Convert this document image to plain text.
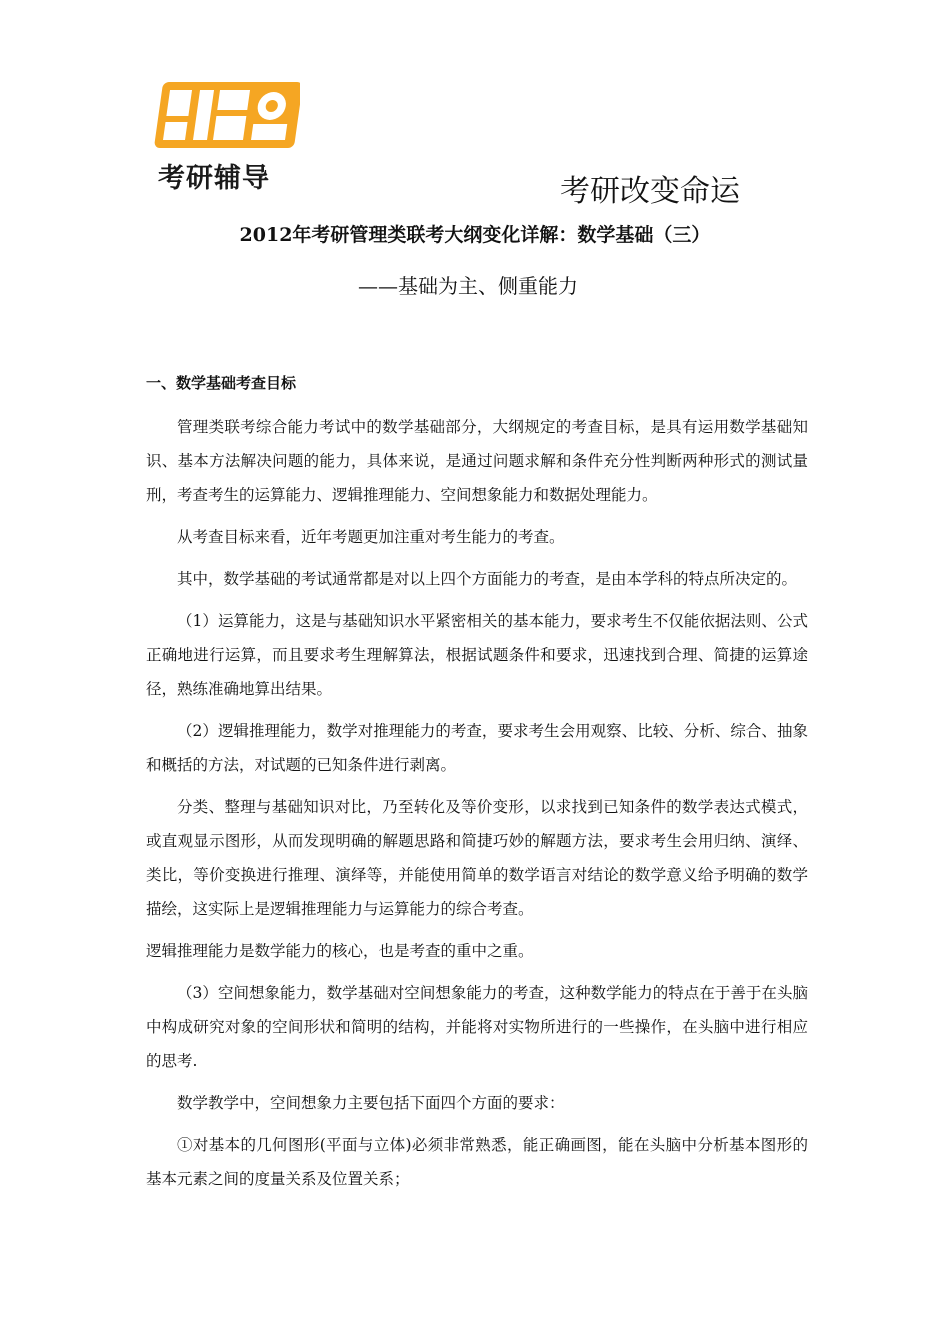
考研辅导	考研改变命运
2012年考研管理类联考大纲变化详解：数学基础（三）
——基础为主、侧重能力
一、数学基础考查目标

管理类联考综合能力考试中的数学基础部分，大纲规定的考查目标，是具有运用数学基础知识、基本方法解决问题的能力，具体来说，是通过问题求解和条件充分性判断两种形式的测试量刑，考查考生的运算能力、逻辑推理能力、空间想象能力和数据处理能力。

从考查目标来看，近年考题更加注重对考生能力的考查。

其中，数学基础的考试通常都是对以上四个方面能力的考查，是由本学科的特点所决定的。

（1）运算能力，这是与基础知识水平紧密相关的基本能力，要求考生不仅能依据法则、公式正确地进行运算，而且要求考生理解算法，根据试题条件和要求，迅速找到合理、简捷的运算途径，熟练准确地算出结果。

（2）逻辑推理能力，数学对推理能力的考查，要求考生会用观察、比较、分析、综合、抽象和概括的方法，对试题的已知条件进行剥离。

分类、整理与基础知识对比，乃至转化及等价变形，以求找到已知条件的数学表达式模式，或直观显示图形，从而发现明确的解题思路和简捷巧妙的解题方法，要求考生会用归纳、演绎、类比，等价变换进行推理、演绎等，并能使用简单的数学语言对结论的数学意义给予明确的数学描绘，这实际上是逻辑推理能力与运算能力的综合考查。

逻辑推理能力是数学能力的核心，也是考查的重中之重。

（3）空间想象能力，数学基础对空间想象能力的考查，这种数学能力的特点在于善于在头脑中构成研究对象的空间形状和简明的结构，并能将对实物所进行的一些操作，在头脑中进行相应的思考.

数学教学中，空间想象力主要包括下面四个方面的要求：

①对基本的几何图形(平面与立体)必须非常熟悉，能正确画图，能在头脑中分析基本图形的基本元素之间的度量关系及位置关系；
